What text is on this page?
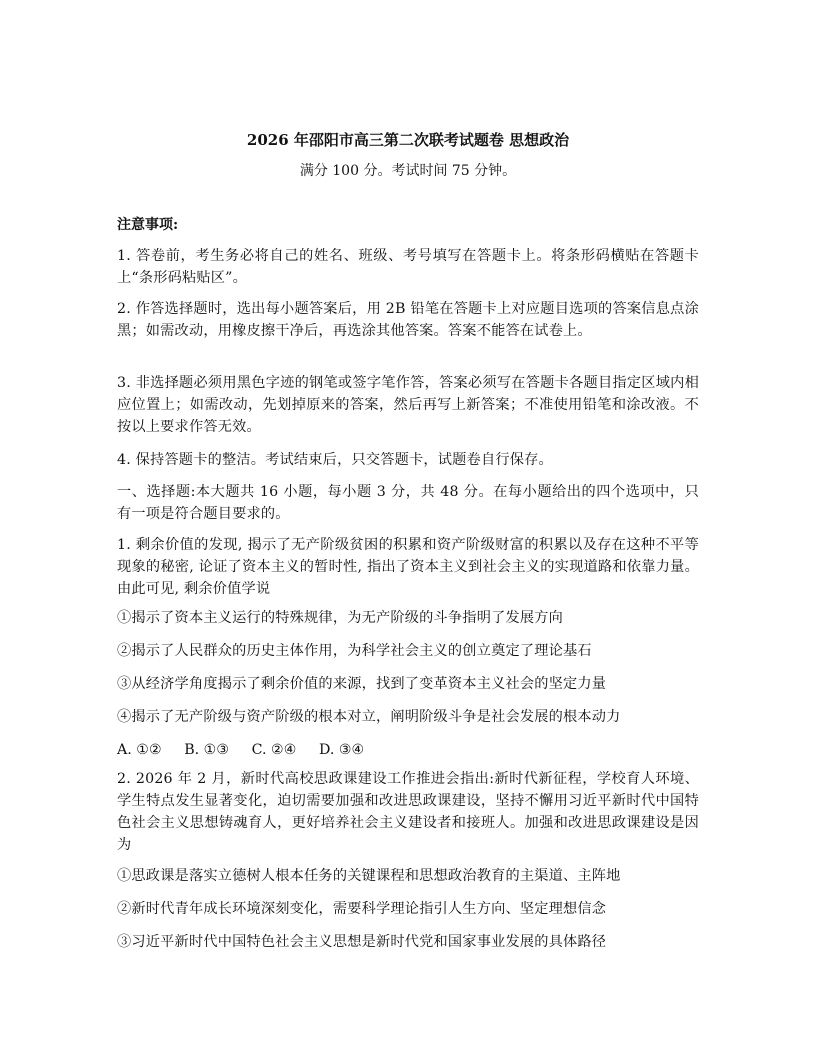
2026 年邵阳市高三第二次联考试题卷 思想政治
满分 100 分。考试时间 75 分钟。
注意事项:
1. 答卷前，考生务必将自己的姓名、班级、考号填写在答题卡上。将条形码横贴在答题卡上“条形码粘贴区”。
2. 作答选择题时，选出每小题答案后，用 2B 铅笔在答题卡上对应题目选项的答案信息点涂黑；如需改动，用橡皮擦干净后，再选涂其他答案。答案不能答在试卷上。
3. 非选择题必须用黑色字迹的钢笔或签字笔作答，答案必须写在答题卡各题目指定区域内相应位置上；如需改动，先划掉原来的答案，然后再写上新答案；不准使用铅笔和涂改液。不按以上要求作答无效。
4. 保持答题卡的整洁。考试结束后，只交答题卡，试题卷自行保存。
一、选择题:本大题共 16 小题，每小题 3 分，共 48 分。在每小题给出的四个选项中，只有一项是符合题目要求的。
1. 剩余价值的发现, 揭示了无产阶级贫困的积累和资产阶级财富的积累以及存在这种不平等现象的秘密, 论证了资本主义的暂时性, 指出了资本主义到社会主义的实现道路和依靠力量。由此可见, 剩余价值学说
①揭示了资本主义运行的特殊规律，为无产阶级的斗争指明了发展方向
②揭示了人民群众的历史主体作用，为科学社会主义的创立奠定了理论基石
③从经济学角度揭示了剩余价值的来源，找到了变革资本主义社会的坚定力量
④揭示了无产阶级与资产阶级的根本对立，阐明阶级斗争是社会发展的根本动力
A. ①② B. ①③ C. ②④ D. ③④
2. 2026 年 2 月，新时代高校思政课建设工作推进会指出:新时代新征程，学校育人环境、学生特点发生显著变化，迫切需要加强和改进思政课建设，坚持不懈用习近平新时代中国特色社会主义思想铸魂育人，更好培养社会主义建设者和接班人。加强和改进思政课建设是因为
①思政课是落实立德树人根本任务的关键课程和思想政治教育的主渠道、主阵地
②新时代青年成长环境深刻变化，需要科学理论指引人生方向、坚定理想信念
③习近平新时代中国特色社会主义思想是新时代党和国家事业发展的具体路径
